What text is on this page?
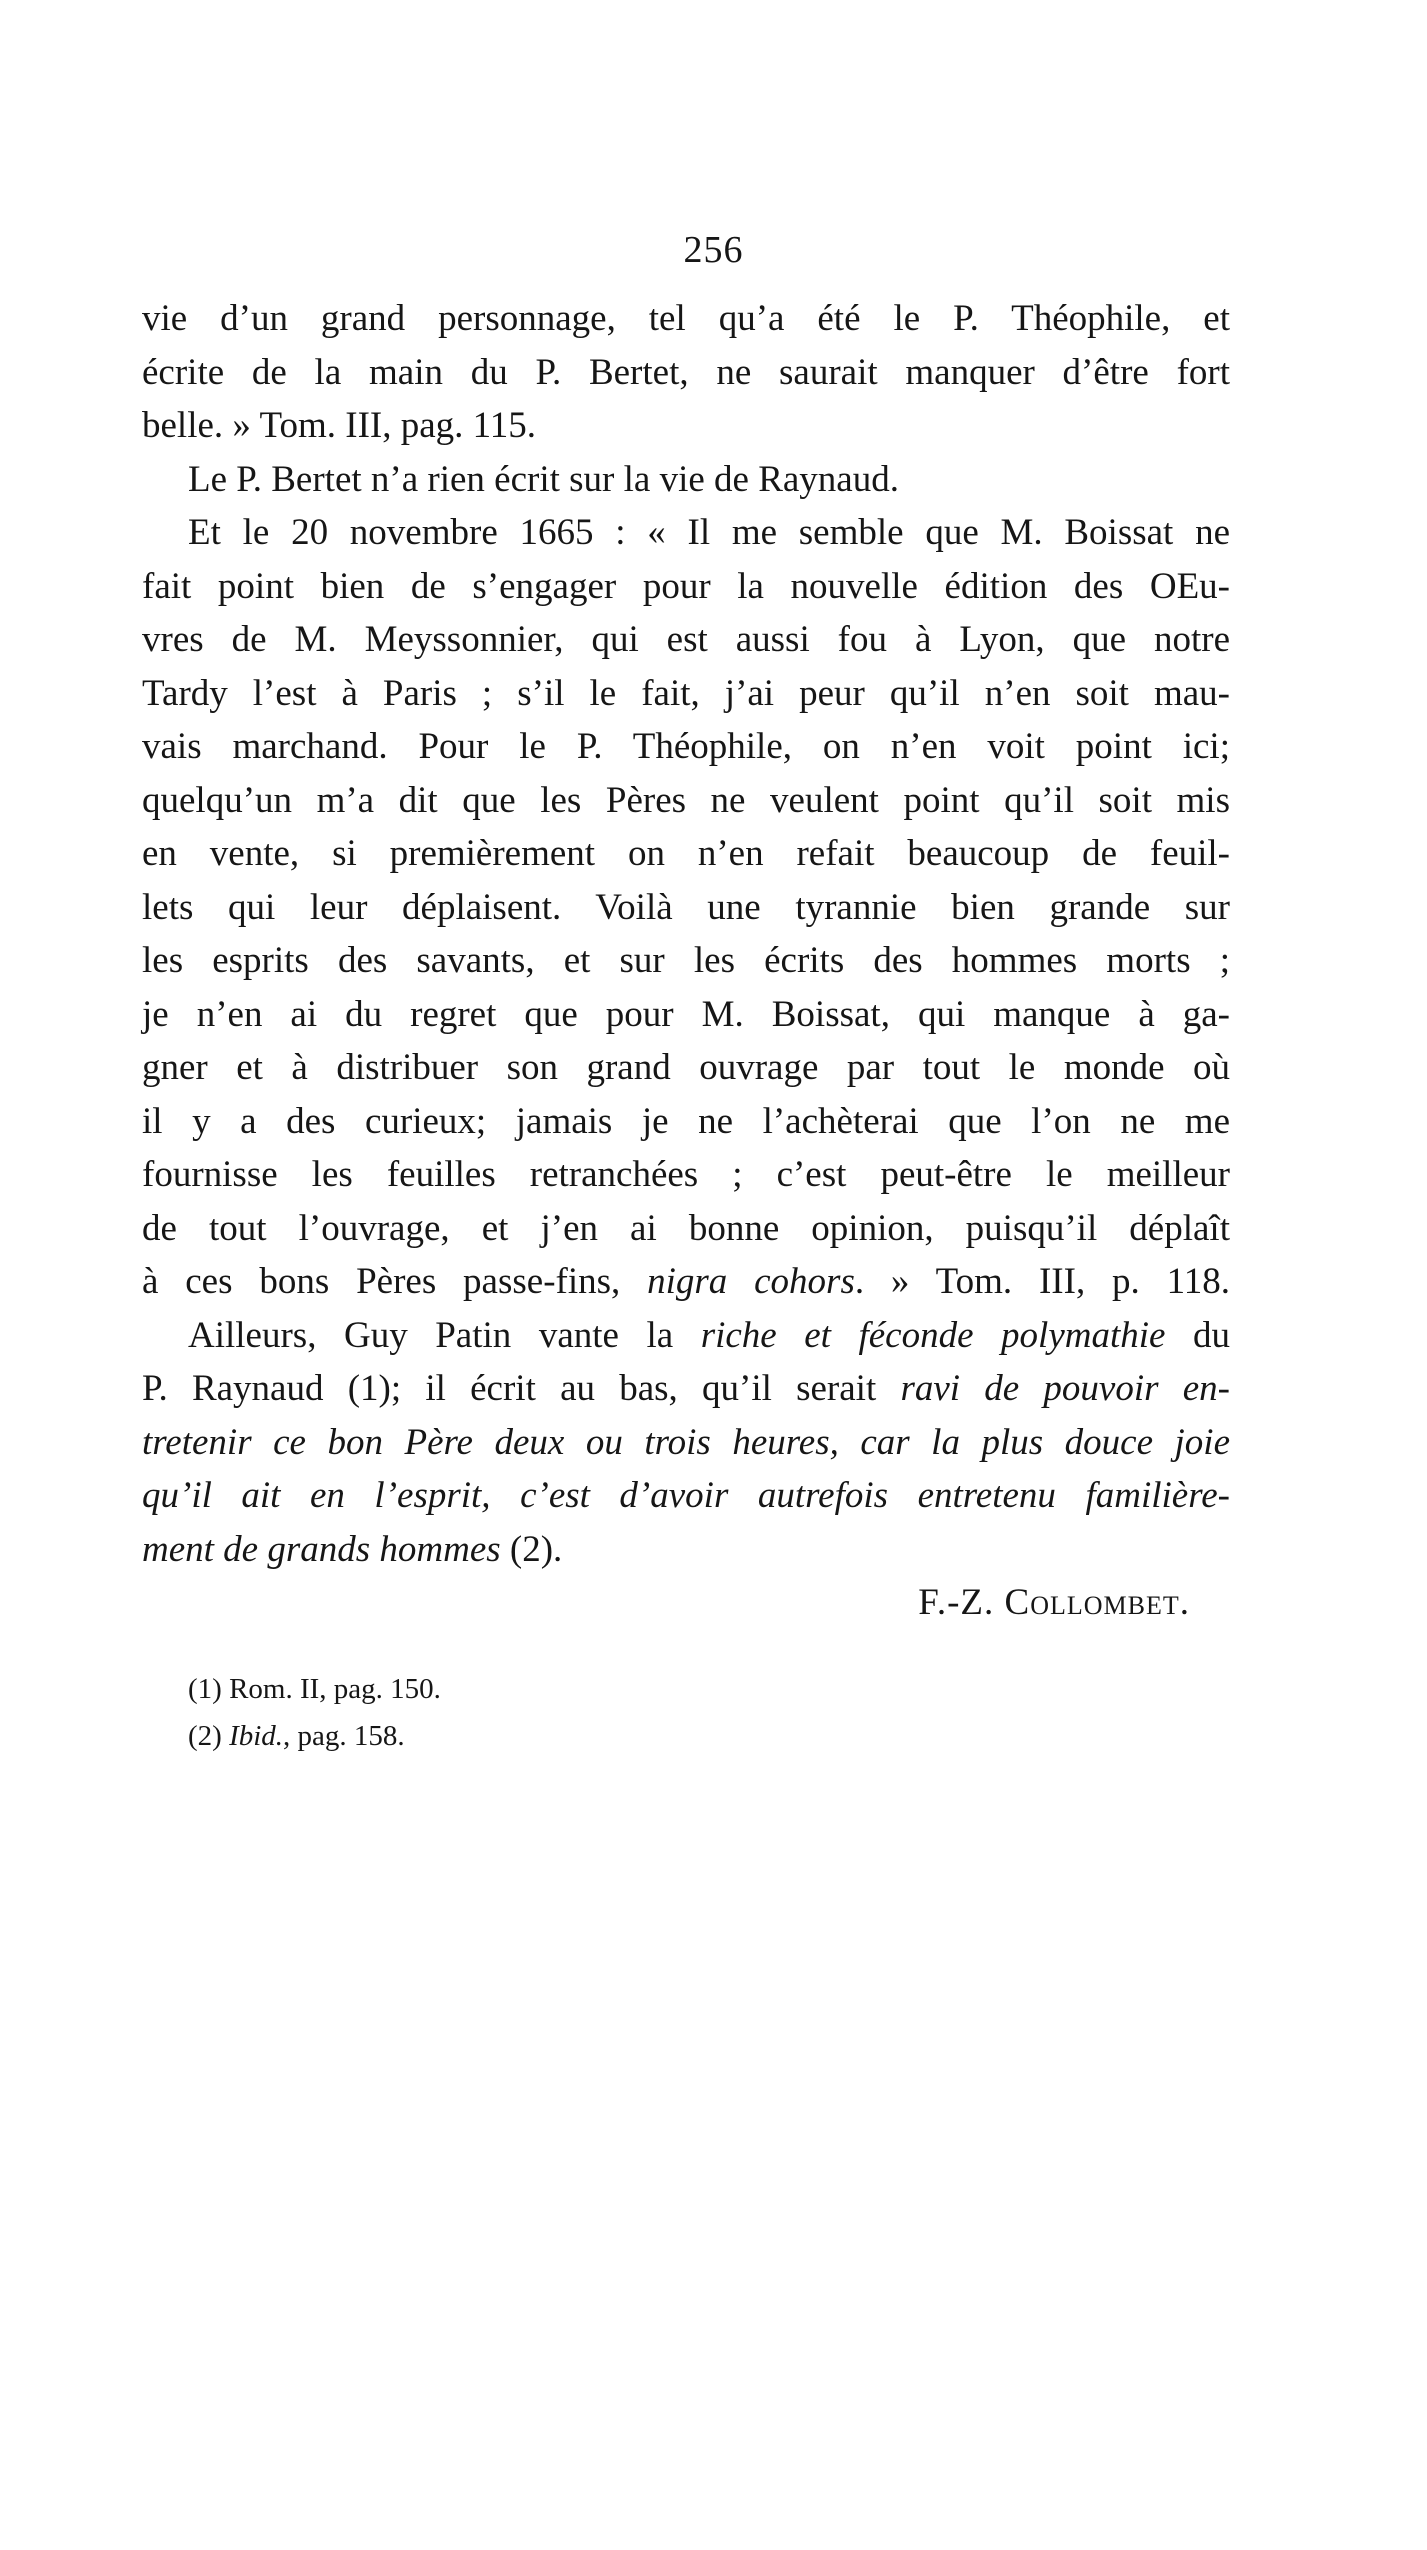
256
vie d’un grand personnage, tel qu’a été le P. Théophile, et
écrite de la main du P. Bertet, ne saurait manquer d’être fort
belle. » Tom. III, pag. 115.
Le P. Bertet n’a rien écrit sur la vie de Raynaud.
Et le 20 novembre 1665 : « Il me semble que M. Boissat ne
fait point bien de s’engager pour la nouvelle édition des OEu-
vres de M. Meyssonnier, qui est aussi fou à Lyon, que notre
Tardy l’est à Paris ; s’il le fait, j’ai peur qu’il n’en soit mau-
vais marchand. Pour le P. Théophile, on n’en voit point ici;
quelqu’un m’a dit que les Pères ne veulent point qu’il soit mis
en vente, si premièrement on n’en refait beaucoup de feuil-
lets qui leur déplaisent. Voilà une tyrannie bien grande sur
les esprits des savants, et sur les écrits des hommes morts ;
je n’en ai du regret que pour M. Boissat, qui manque à ga-
gner et à distribuer son grand ouvrage par tout le monde où
il y a des curieux; jamais je ne l’achèterai que l’on ne me
fournisse les feuilles retranchées ; c’est peut-être le meilleur
de tout l’ouvrage, et j’en ai bonne opinion, puisqu’il déplaît
à ces bons Pères passe-fins, nigra cohors. » Tom. III, p. 118.
Ailleurs, Guy Patin vante la riche et féconde polymathie du
P. Raynaud (1); il écrit au bas, qu’il serait ravi de pouvoir en-
tretenir ce bon Père deux ou trois heures, car la plus douce joie
qu’il ait en l’esprit, c’est d’avoir autrefois entretenu familière-
ment de grands hommes (2).
F.-Z. Collombet.
(1) Rom. II, pag. 150.
(2) Ibid., pag. 158.
